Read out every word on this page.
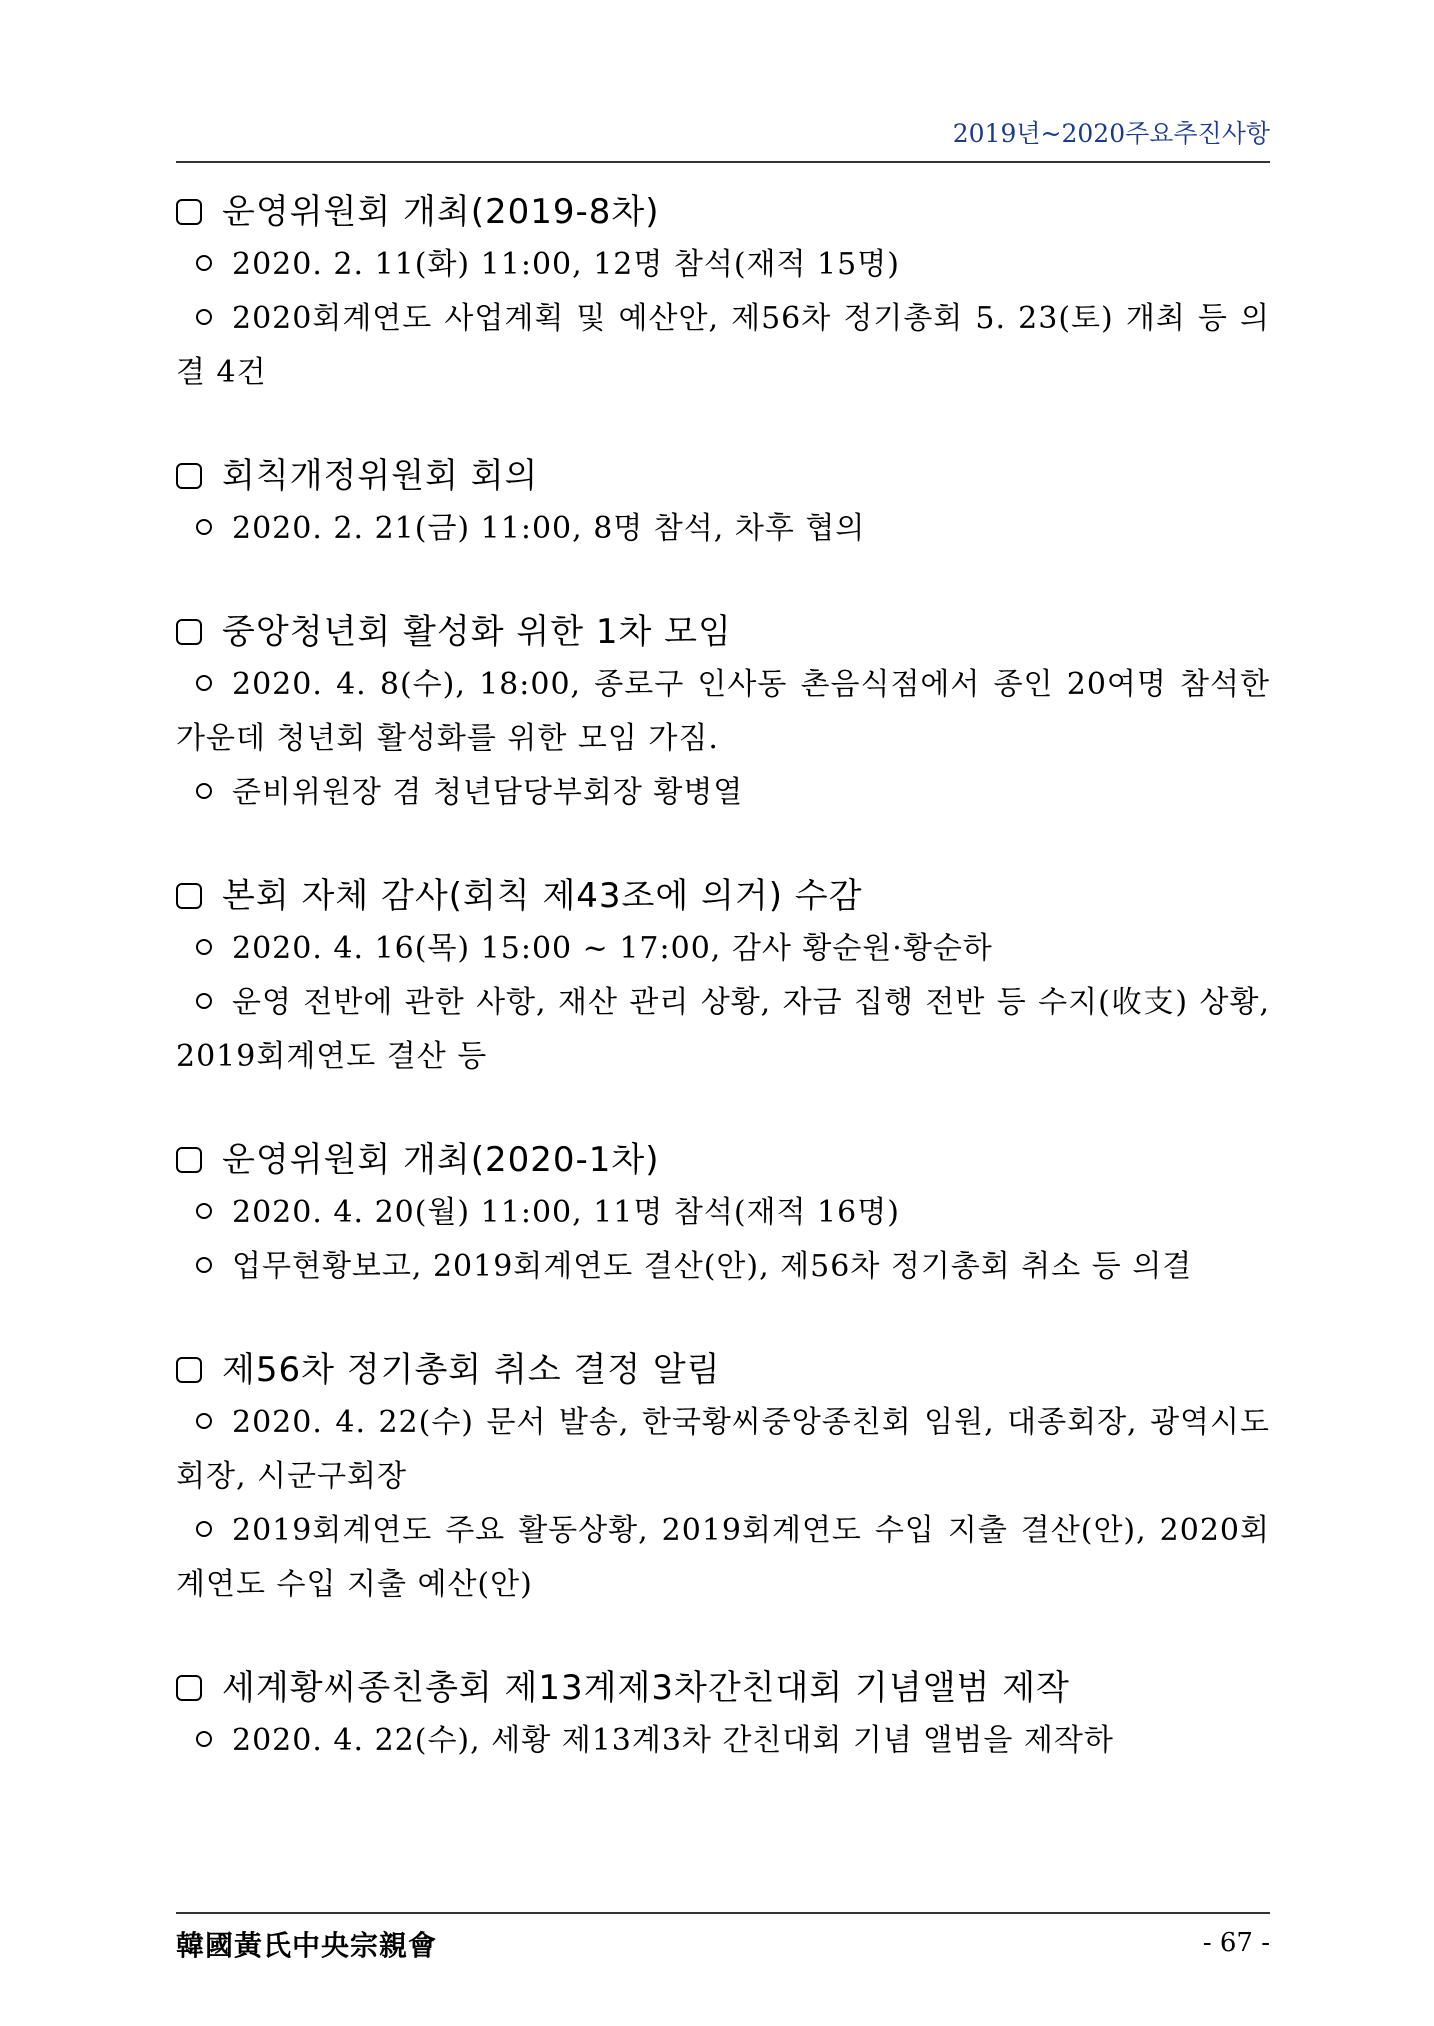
2019년~2020주요추진사항
운영위원회 개최(2019-8차)
2020. 2. 11(화) 11:00, 12명 참석(재적 15명)
2020회계연도 사업계획 및 예산안, 제56차 정기총회 5. 23(토) 개최 등 의결 4건
회칙개정위원회 회의
2020. 2. 21(금) 11:00, 8명 참석, 차후 협의
중앙청년회 활성화 위한 1차 모임
2020. 4. 8(수), 18:00, 종로구 인사동 촌음식점에서 종인 20여명 참석한 가운데 청년회 활성화를 위한 모임 가짐.
준비위원장 겸 청년담당부회장 황병열
본회 자체 감사(회칙 제43조에 의거) 수감
2020. 4. 16(목) 15:00 ~ 17:00, 감사 황순원·황순하
운영 전반에 관한 사항, 재산 관리 상황, 자금 집행 전반 등 수지(收支) 상황, 2019회계연도 결산 등
운영위원회 개최(2020-1차)
2020. 4. 20(월) 11:00, 11명 참석(재적 16명)
업무현황보고, 2019회계연도 결산(안), 제56차 정기총회 취소 등 의결
제56차 정기총회 취소 결정 알림
2020. 4. 22(수) 문서 발송, 한국황씨중앙종친회 임원, 대종회장, 광역시도회장, 시군구회장
2019회계연도 주요 활동상황, 2019회계연도 수입 지출 결산(안), 2020회계연도 수입 지출 예산(안)
세계황씨종친총회 제13계제3차간친대회 기념앨범 제작
2020. 4. 22(수), 세황 제13계3차 간친대회 기념 앨범을 제작하
韓國黃氏中央宗親會	- 67 -
